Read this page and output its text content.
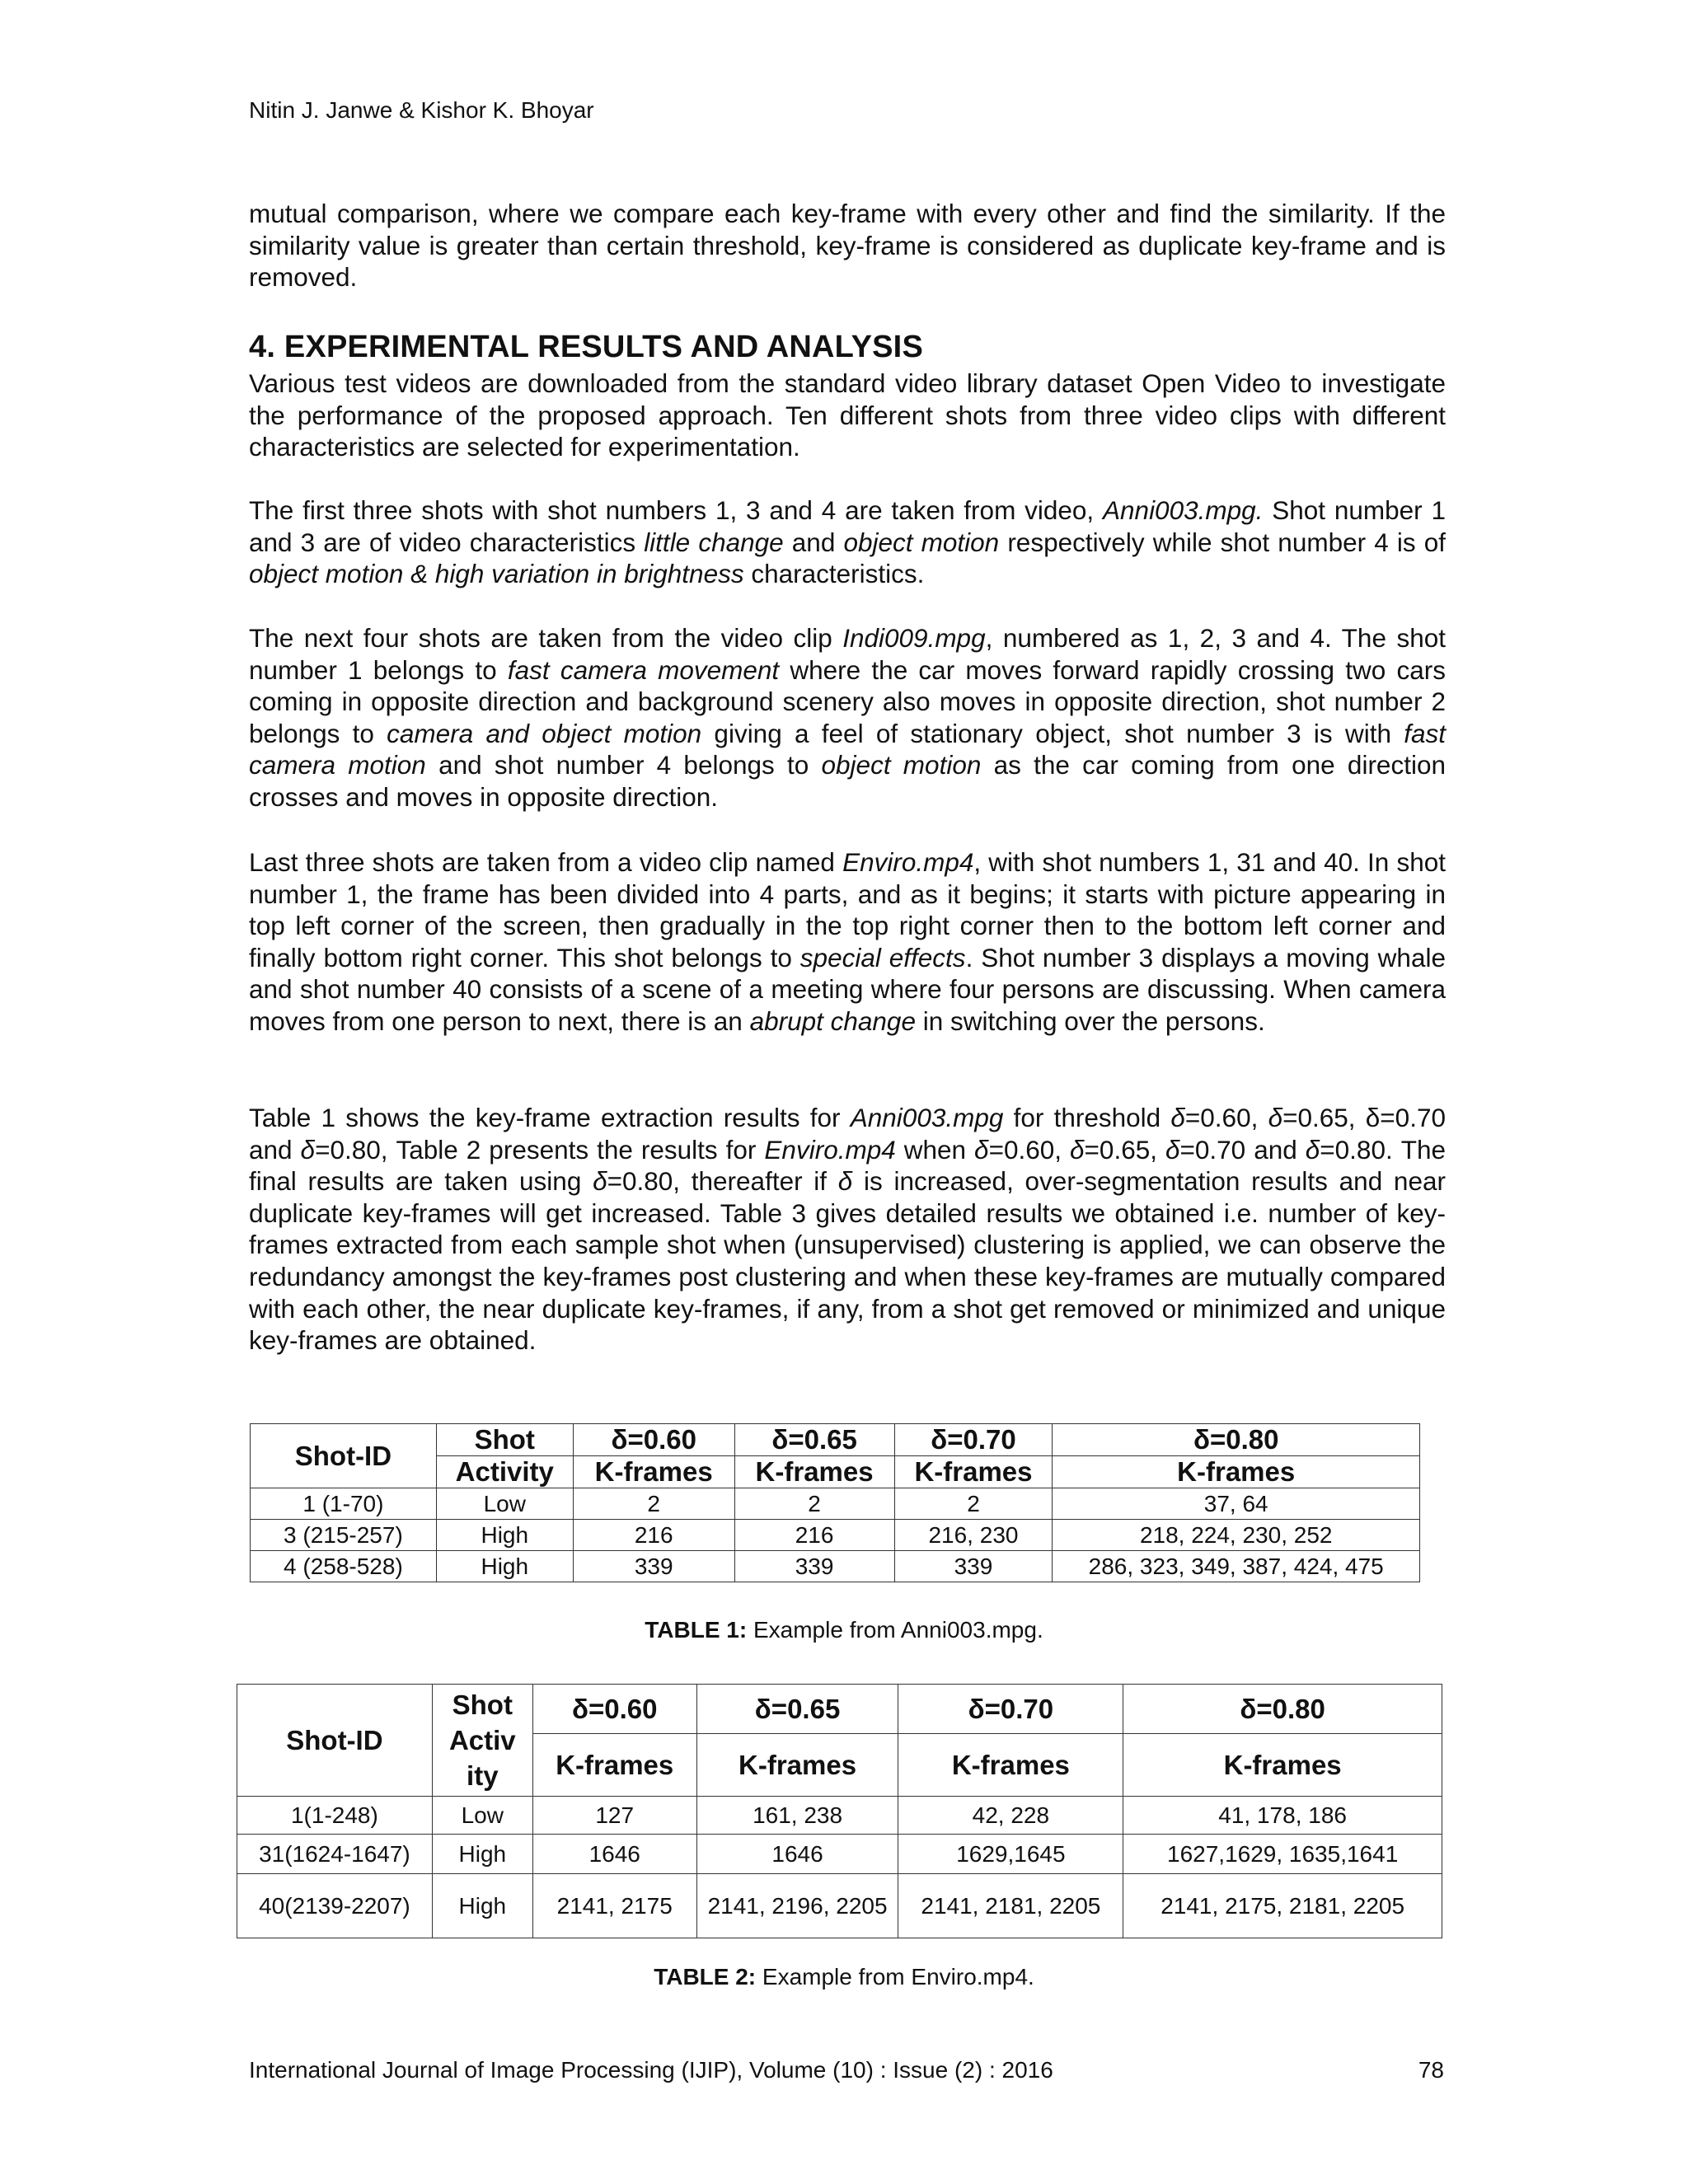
Nitin J. Janwe & Kishor K. Bhoyar

mutual comparison, where we compare each key-frame with every other and find the similarity. If the similarity value is greater than certain threshold, key-frame is considered as duplicate key-frame and is removed.

4. EXPERIMENTAL RESULTS AND ANALYSIS

Various test videos are downloaded from the standard video library dataset Open Video to investigate the performance of the proposed approach. Ten different shots from three video clips with different characteristics are selected for experimentation.

The first three shots with shot numbers 1, 3 and 4 are taken from video, Anni003.mpg. Shot number 1 and 3 are of video characteristics little change and object motion respectively while shot number 4 is of object motion & high variation in brightness characteristics.

The next four shots are taken from the video clip Indi009.mpg, numbered as 1, 2, 3 and 4. The shot number 1 belongs to fast camera movement where the car moves forward rapidly crossing two cars coming in opposite direction and background scenery also moves in opposite direction, shot number 2 belongs to camera and object motion giving a feel of stationary object, shot number 3 is with fast camera motion and shot number 4 belongs to object motion as the car coming from one direction crosses and moves in opposite direction.

Last three shots are taken from a video clip named Enviro.mp4, with shot numbers 1, 31 and 40. In shot number 1, the frame has been divided into 4 parts, and as it begins; it starts with picture appearing in top left corner of the screen, then gradually in the top right corner then to the bottom left corner and finally bottom right corner. This shot belongs to special effects. Shot number 3 displays a moving whale and shot number 40 consists of a scene of a meeting where four persons are discussing. When camera moves from one person to next, there is an abrupt change in switching over the persons.

Table 1 shows the key-frame extraction results for Anni003.mpg for threshold δ=0.60, δ=0.65, δ=0.70 and δ=0.80, Table 2 presents the results for Enviro.mp4 when δ=0.60, δ=0.65, δ=0.70 and δ=0.80. The final results are taken using δ=0.80, thereafter if δ is increased, over-segmentation results and near duplicate key-frames will get increased. Table 3 gives detailed results we obtained i.e. number of key-frames extracted from each sample shot when (unsupervised) clustering is applied, we can observe the redundancy amongst the key-frames post clustering and when these key-frames are mutually compared with each other, the near duplicate key-frames, if any, from a shot get removed or minimized and unique key-frames are obtained.

Shot-ID	Shot	δ=0.60	δ=0.65	δ=0.70	δ=0.80
	Activity	K-frames	K-frames	K-frames	K-frames
1 (1-70)	Low	2	2	2	37, 64
3 (215-257)	High	216	216	216, 230	218, 224, 230, 252
4 (258-528)	High	339	339	339	286, 323, 349, 387, 424, 475
TABLE 1: Example from Anni003.mpg.
Shot-ID	Shot
Activ
ity	δ=0.60	δ=0.65	δ=0.70	δ=0.80
		K-frames	K-frames	K-frames	K-frames
1(1-248)	Low	127	161, 238	42, 228	41, 178, 186
31(1624-1647)	High	1646	1646	1629,1645	1627,1629, 1635,1641
40(2139-2207)	High	2141, 2175	2141, 2196, 2205	2141, 2181, 2205	2141, 2175, 2181, 2205
TABLE 2: Example from Enviro.mp4.
International Journal of Image Processing (IJIP), Volume (10) : Issue (2) : 2016	78
